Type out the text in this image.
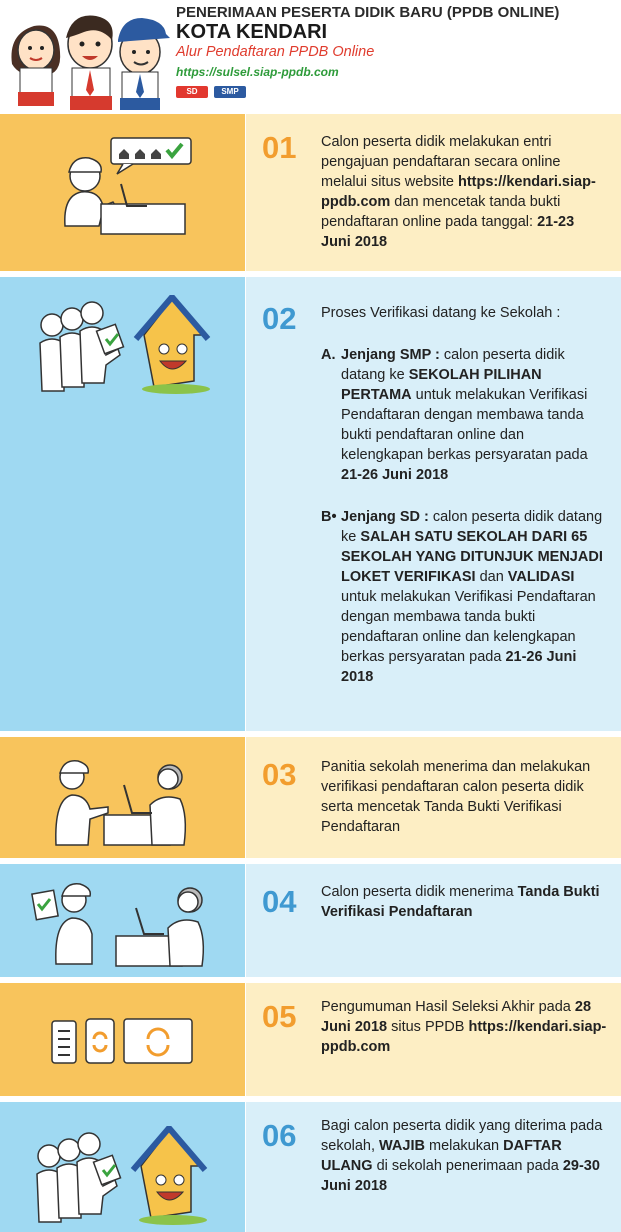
PENERIMAAN PESERTA DIDIK BARU (PPDB ONLINE)
KOTA KENDARI
Alur Pendaftaran PPDB Online
https://sulsel.siap-ppdb.com
SD	SMP
01 Calon peserta didik melakukan entri pengajuan pendaftaran secara online melalui situs website https://kendari.siap-ppdb.com dan mencetak tanda bukti pendaftaran online pada tanggal: 21-23 Juni 2018
02 Proses Verifikasi datang ke Sekolah :

A. Jenjang SMP : calon peserta didik datang ke SEKOLAH PILIHAN PERTAMA untuk melakukan Verifikasi Pendaftaran dengan membawa tanda bukti pendaftaran online dan kelengkapan berkas persyaratan pada 21-26 Juni 2018
B• Jenjang SD : calon peserta didik datang ke SALAH SATU SEKOLAH DARI 65 SEKOLAH YANG DITUNJUK MENJADI LOKET VERIFIKASI dan VALIDASI untuk melakukan Verifikasi Pendaftaran dengan membawa tanda bukti pendaftaran online dan kelengkapan berkas persyaratan pada 21-26 Juni 2018
03 Panitia sekolah menerima dan melakukan verifikasi pendaftaran calon peserta didik serta mencetak Tanda Bukti Verifikasi Pendaftaran
04 Calon peserta didik menerima Tanda Bukti Verifikasi Pendaftaran
05 Pengumuman Hasil Seleksi Akhir pada 28 Juni 2018 situs PPDB https://kendari.siap-ppdb.com
06 Bagi calon peserta didik yang diterima pada sekolah, WAJIB melakukan DAFTAR ULANG di sekolah penerimaan pada 29-30 Juni 2018
